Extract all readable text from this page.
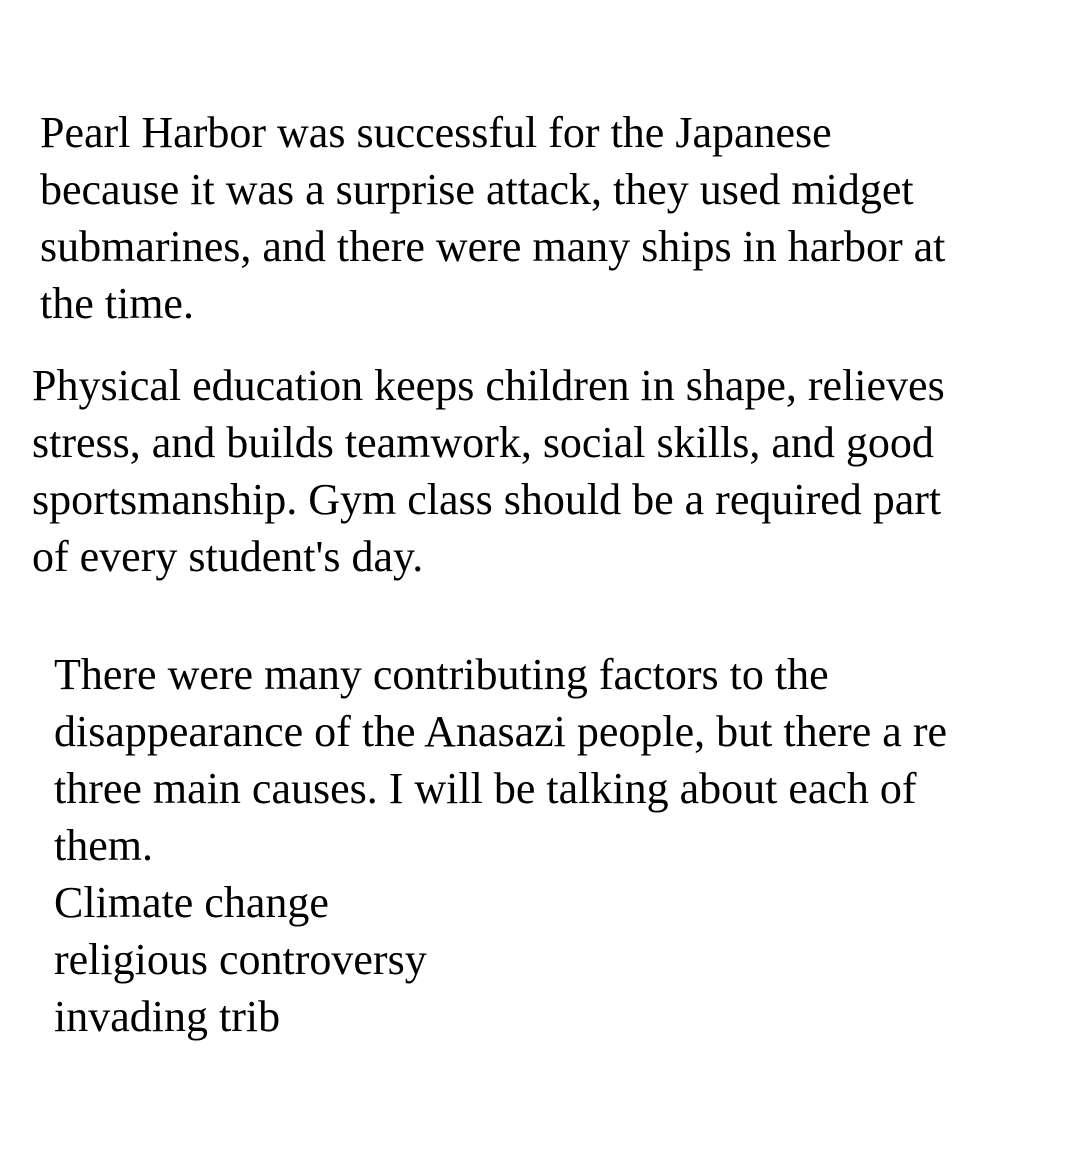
Pearl Harbor was successful for the Japanese
because it was a surprise attack, they used midget
submarines, and there were many ships in harbor at
the time.
Physical education keeps children in shape, relieves
stress, and builds teamwork, social skills, and good
sportsmanship. Gym class should be a required part
of every student's day.
There were many contributing factors to the
disappearance of the Anasazi people, but there a re
three main causes. I will be talking about each of
them.
Climate change
religious controversy
invading trib
